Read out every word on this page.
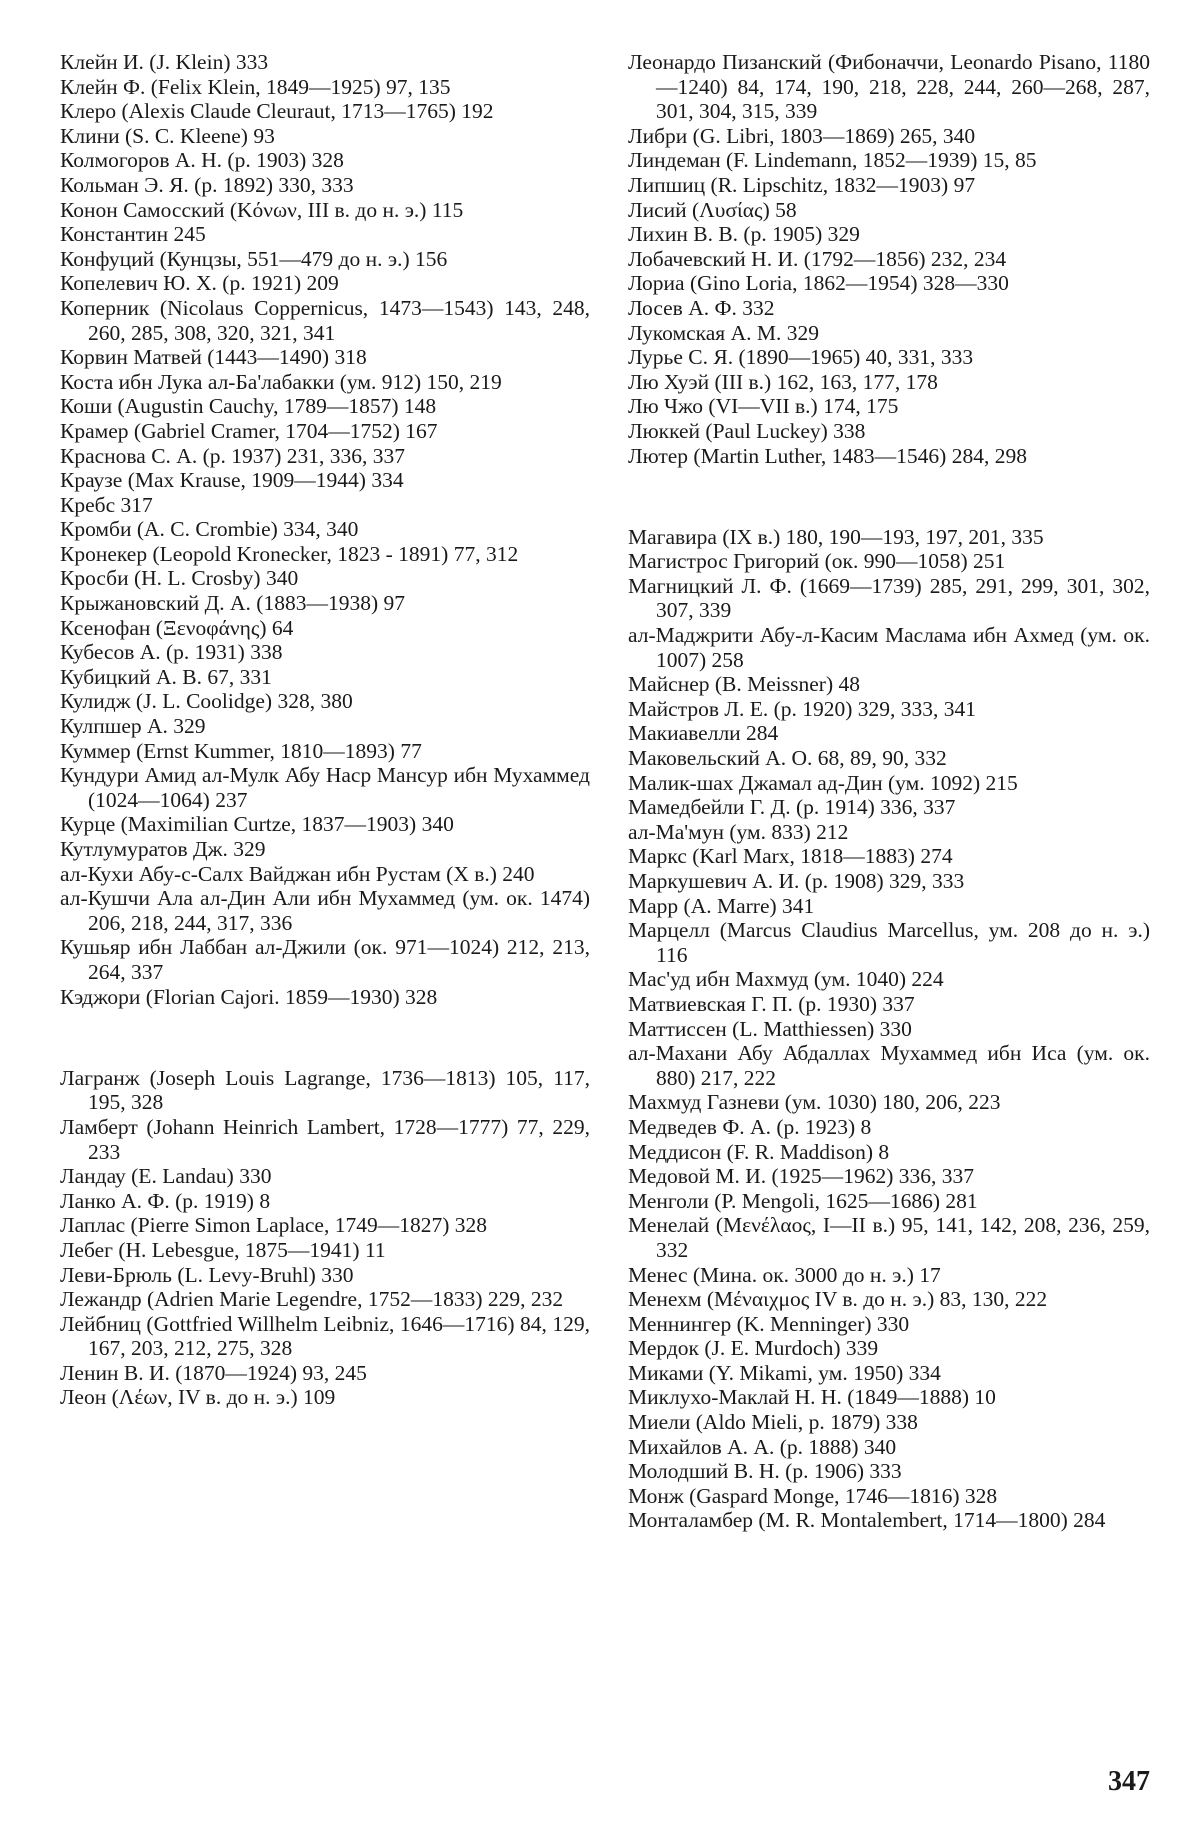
Клейн И. (J. Klein) 333

Клейн Ф. (Felix Klein, 1849—1925) 97, 135

Клеро (Alexis Claude Cleuraut, 1713—1765) 192

Клини (S. C. Kleene) 93

Колмогоров А. Н. (р. 1903) 328

Кольман Э. Я. (р. 1892) 330, 333

Конон Самосский (Κόνων, III в. до н. э.) 115

Константин 245

Конфуций (Кунцзы, 551—479 до н. э.) 156

Копелевич Ю. Х. (р. 1921) 209

Коперник (Nicolaus Coppernicus, 1473—1543) 143, 248, 260, 285, 308, 320, 321, 341

Корвин Матвей (1443—1490) 318

Коста ибн Лука ал-Ба'лабакки (ум. 912) 150, 219

Коши (Augustin Cauchy, 1789—1857) 148

Крамер (Gabriel Cramer, 1704—1752) 167

Краснова С. А. (р. 1937) 231, 336, 337

Краузе (Max Krause, 1909—1944) 334

Кребс 317

Кромби (A. C. Crombie) 334, 340

Кронекер (Leopold Kronecker, 1823 - 1891) 77, 312

Кросби (H. L. Crosby) 340

Крыжановский Д. А. (1883—1938) 97

Ксенофан (Ξενοφάνης) 64

Кубесов А. (р. 1931) 338

Кубицкий А. В. 67, 331

Кулидж (J. L. Coolidge) 328, 380

Кулпшер А. 329

Куммер (Ernst Kummer, 1810—1893) 77

Кундури Амид ал-Мулк Абу Наср Мансур ибн Мухаммед (1024—1064) 237

Курце (Maximilian Curtze, 1837—1903) 340

Кутлумуратов Дж. 329

ал-Кухи Абу-с-Салх Вайджан ибн Рустам (X в.) 240

ал-Кушчи Ала ал-Дин Али ибн Мухаммед (ум. ок. 1474) 206, 218, 244, 317, 336

Кушьяр ибн Лаббан ал-Джили (ок. 971—1024) 212, 213, 264, 337

Кэджори (Florian Cajori. 1859—1930) 328

Лагранж (Joseph Louis Lagrange, 1736—1813) 105, 117, 195, 328

Ламберт (Johann Heinrich Lambert, 1728—1777) 77, 229, 233

Ландау (E. Landau) 330

Ланко А. Ф. (р. 1919) 8

Лаплас (Pierre Simon Laplace, 1749—1827) 328

Лебег (H. Lebesgue, 1875—1941) 11

Леви-Брюль (L. Levy-Bruhl) 330

Лежандр (Adrien Marie Legendre, 1752—1833) 229, 232

Лейбниц (Gottfried Willhelm Leibniz, 1646—1716) 84, 129, 167, 203, 212, 275, 328

Ленин В. И. (1870—1924) 93, 245

Леон (Λέων, IV в. до н. э.) 109

Леонардо Пизанский (Фибоначчи, Leonardo Pisano, 1180—1240) 84, 174, 190, 218, 228, 244, 260—268, 287, 301, 304, 315, 339

Либри (G. Libri, 1803—1869) 265, 340

Линдеман (F. Lindemann, 1852—1939) 15, 85

Липшиц (R. Lipschitz, 1832—1903) 97

Лисий (Λυσίας) 58

Лихин В. В. (р. 1905) 329

Лобачевский Н. И. (1792—1856) 232, 234

Лориа (Gino Loria, 1862—1954) 328—330

Лосев А. Ф. 332

Лукомская А. М. 329

Лурье С. Я. (1890—1965) 40, 331, 333

Лю Хуэй (III в.) 162, 163, 177, 178

Лю Чжо (VI—VII в.) 174, 175

Люккей (Paul Luckey) 338

Лютер (Martin Luther, 1483—1546) 284, 298

Магавира (IX в.) 180, 190—193, 197, 201, 335

Магистрос Григорий (ок. 990—1058) 251

Магницкий Л. Ф. (1669—1739) 285, 291, 299, 301, 302, 307, 339

ал-Маджрити Абу-л-Касим Маслама ибн Ахмед (ум. ок. 1007) 258

Майснер (B. Meissner) 48

Майстров Л. Е. (р. 1920) 329, 333, 341

Макиавелли 284

Маковельский А. О. 68, 89, 90, 332

Малик-шах Джамал ад-Дин (ум. 1092) 215

Мамедбейли Г. Д. (р. 1914) 336, 337

ал-Ма'мун (ум. 833) 212

Маркс (Karl Marx, 1818—1883) 274

Маркушевич А. И. (р. 1908) 329, 333

Марр (A. Marre) 341

Марцелл (Marcus Claudius Marcellus, ум. 208 до н. э.) 116

Мас'уд ибн Махмуд (ум. 1040) 224

Матвиевская Г. П. (р. 1930) 337

Маттиссен (L. Matthiessen) 330

ал-Махани Абу Абдаллах Мухаммед ибн Иса (ум. ок. 880) 217, 222

Махмуд Газневи (ум. 1030) 180, 206, 223

Медведев Ф. А. (р. 1923) 8

Меддисон (F. R. Maddison) 8

Медовой М. И. (1925—1962) 336, 337

Менголи (P. Mengoli, 1625—1686) 281

Менелай (Μενέλαος, I—II в.) 95, 141, 142, 208, 236, 259, 332

Менес (Мина. ок. 3000 до н. э.) 17

Менехм (Μέναιχμος IV в. до н. э.) 83, 130, 222

Меннингер (K. Menninger) 330

Мердок (J. E. Murdoch) 339

Миками (Y. Mikami, ум. 1950) 334

Миклухо-Маклай Н. Н. (1849—1888) 10

Миели (Aldo Mieli, р. 1879) 338

Михайлов А. А. (р. 1888) 340

Молодший В. Н. (р. 1906) 333

Монж (Gaspard Monge, 1746—1816) 328

Монталамбер (M. R. Montalembert, 1714—1800) 284

347
